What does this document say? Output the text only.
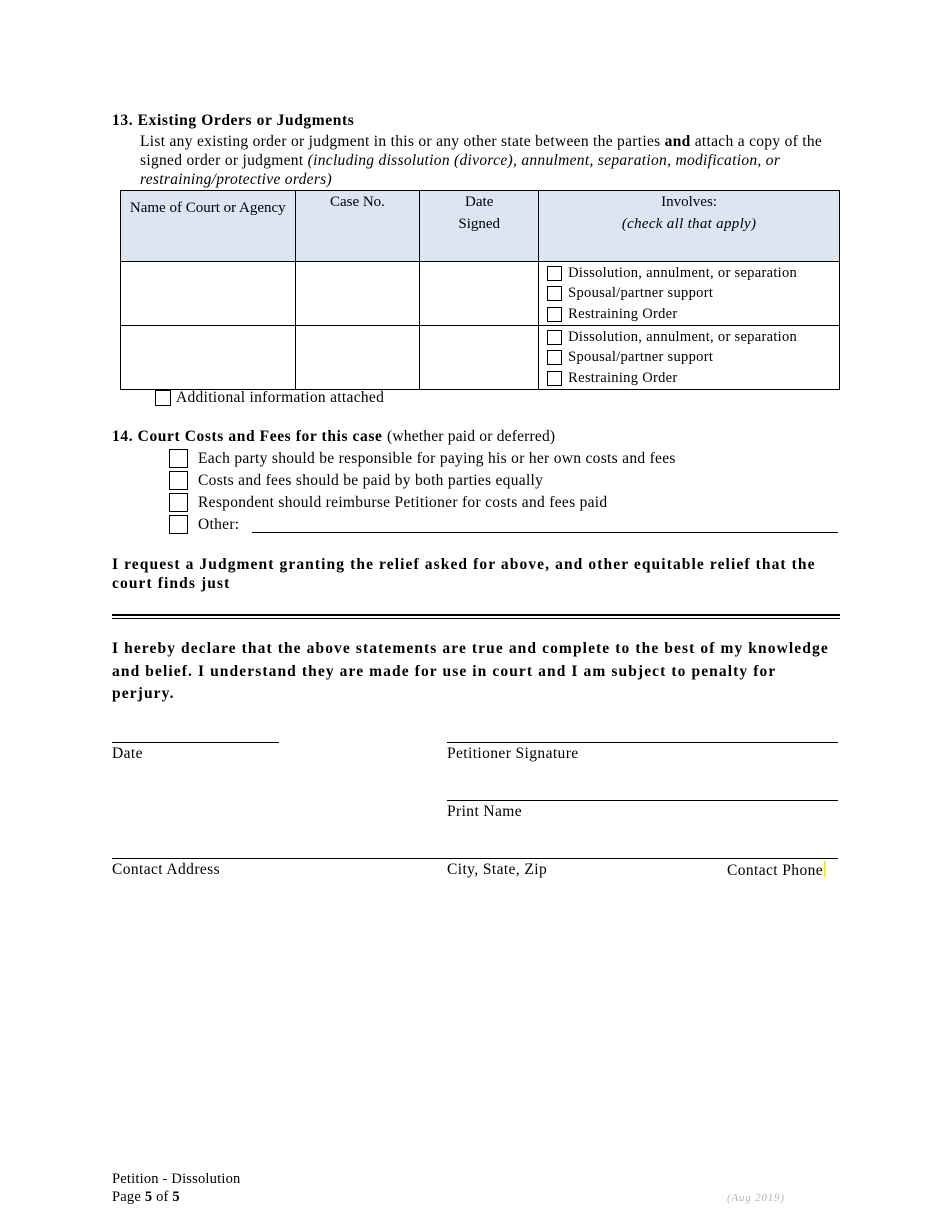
13. Existing Orders or Judgments
List any existing order or judgment in this or any other state between the parties and attach a copy of the signed order or judgment (including dissolution (divorce), annulment, separation, modification, or restraining/protective orders)
Name of Court or Agency	Case No.	Date Signed	Involves:
(check all that apply)

			Dissolution, annulment, or separation
Spousal/partner support
Restraining Order

			Dissolution, annulment, or separation
Spousal/partner support
Restraining Order
Additional information attached
14. Court Costs and Fees for this case (whether paid or deferred)
Each party should be responsible for paying his or her own costs and fees
Costs and fees should be paid by both parties equally
Respondent should reimburse Petitioner for costs and fees paid
Other:
I request a Judgment granting the relief asked for above, and other equitable relief that the court finds just
I hereby declare that the above statements are true and complete to the best of my knowledge and belief. I understand they are made for use in court and I am subject to penalty for perjury.
Date	Petitioner Signature
Print Name
Contact Address	City, State, Zip	Contact Phone
Petition - Dissolution
Page 5 of 5	(Aug 2019)
